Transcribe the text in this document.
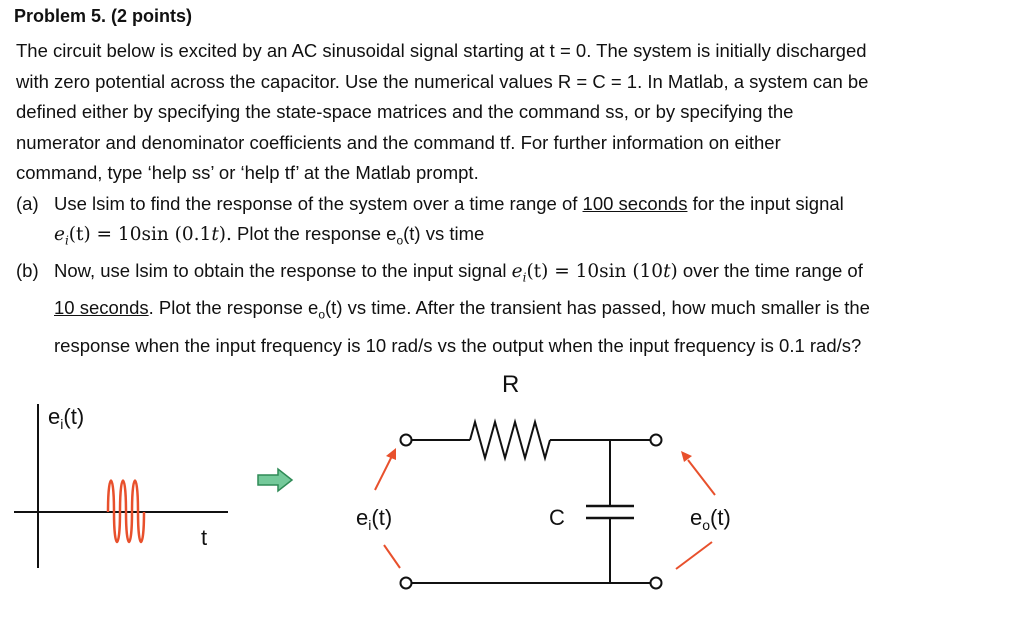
Problem 5. (2 points)
The circuit below is excited by an AC sinusoidal signal starting at t = 0. The system is initially discharged
with zero potential across the capacitor. Use the numerical values R = C = 1. In Matlab, a system can be
defined either by specifying the state-space matrices and the command ss, or by specifying the
numerator and denominator coefficients and the command tf. For further information on either
command, type ‘help ss’ or ‘help tf’ at the Matlab prompt.
(a) Use lsim to find the response of the system over a time range of 100 seconds for the input signal
$e_i(t) = 10\sin$ (0.1t). Plot the response $e_o(t)$ vs time
(b) Now, use lsim to obtain the response to the input signal $e_i(t) = 10\sin$ (10t) over the time range of
10 seconds. Plot the response $e_o(t)$ vs time. After the transient has passed, how much smaller is the
response when the input frequency is 10 rad/s vs the output when the input frequency is 0.1 rad/s?
$e_i(t)$
t
R
C
$e_i(t)$	$e_o(t)$
